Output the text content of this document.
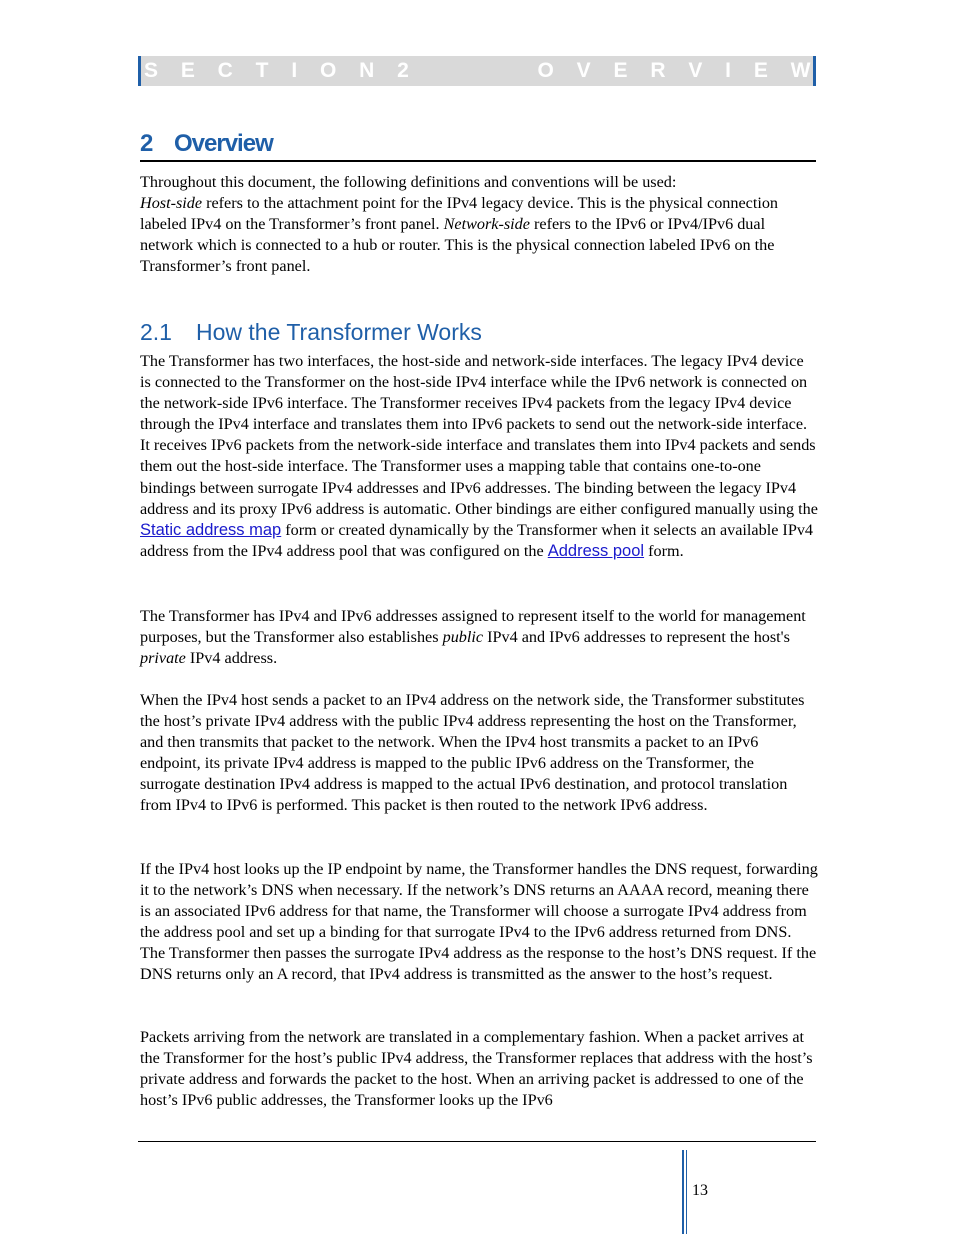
S E C T I O N 2	O V E R V I E W
2 Overview

Throughout this document, the following definitions and conventions will be used:
Host-side refers to the attachment point for the IPv4 legacy device. This is the physical connection labeled IPv4 on the Transformer’s front panel. Network-side refers to the IPv6 or IPv4/IPv6 dual network which is connected to a hub or router. This is the physical connection labeled IPv6 on the Transformer’s front panel.

2.1 How the Transformer Works

The Transformer has two interfaces, the host-side and network-side interfaces. The legacy IPv4 device is connected to the Transformer on the host-side IPv4 interface while the IPv6 network is connected on the network-side IPv6 interface. The Transformer receives IPv4 packets from the legacy IPv4 device through the IPv4 interface and translates them into IPv6 packets to send out the network-side interface. It receives IPv6 packets from the network-side interface and translates them into IPv4 packets and sends them out the host-side interface. The Transformer uses a mapping table that contains one-to-one bindings between surrogate IPv4 addresses and IPv6 addresses. The binding between the legacy IPv4 address and its proxy IPv6 address is automatic. Other bindings are either configured manually using the Static address map form or created dynamically by the Transformer when it selects an available IPv4 address from the IPv4 address pool that was configured on the Address pool form.

The Transformer has IPv4 and IPv6 addresses assigned to represent itself to the world for management purposes, but the Transformer also establishes public IPv4 and IPv6 addresses to represent the host's private IPv4 address.

When the IPv4 host sends a packet to an IPv4 address on the network side, the Transformer substitutes the host’s private IPv4 address with the public IPv4 address representing the host on the Transformer, and then transmits that packet to the network. When the IPv4 host transmits a packet to an IPv6 endpoint, its private IPv4 address is mapped to the public IPv6 address on the Transformer, the surrogate destination IPv4 address is mapped to the actual IPv6 destination, and protocol translation from IPv4 to IPv6 is performed. This packet is then routed to the network IPv6 address.

If the IPv4 host looks up the IP endpoint by name, the Transformer handles the DNS request, forwarding it to the network’s DNS when necessary. If the network’s DNS returns an AAAA record, meaning there is an associated IPv6 address for that name, the Transformer will choose a surrogate IPv4 address from the address pool and set up a binding for that surrogate IPv4 to the IPv6 address returned from DNS. The Transformer then passes the surrogate IPv4 address as the response to the host’s DNS request. If the DNS returns only an A record, that IPv4 address is transmitted as the answer to the host’s request.

Packets arriving from the network are translated in a complementary fashion. When a packet arrives at the Transformer for the host’s public IPv4 address, the Transformer replaces that address with the host’s private address and forwards the packet to the host. When an arriving packet is addressed to one of the host’s IPv6 public addresses, the Transformer looks up the IPv6

13
